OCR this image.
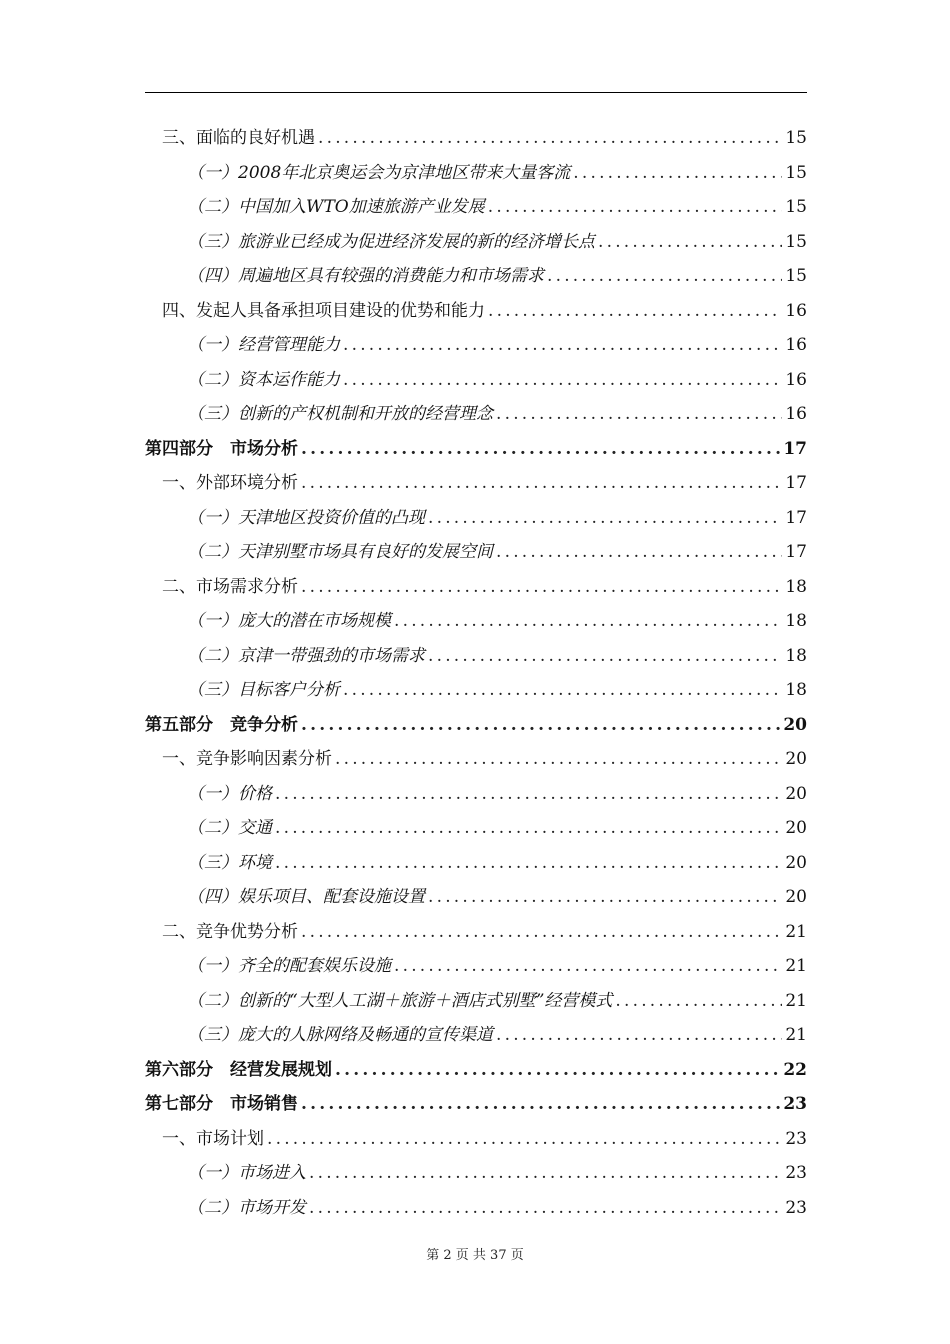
三、面临的良好机遇 .....	15
（一）2008年北京奥运会为京津地区带来大量客流 .....	15
（二）中国加入WTO加速旅游产业发展 .....	15
（三）旅游业已经成为促进经济发展的新的经济增长点 .....	15
（四）周遍地区具有较强的消费能力和市场需求 .....	15
四、发起人具备承担项目建设的优势和能力 .....	16
（一）经营管理能力 .....	16
（二）资本运作能力 .....	16
（三）创新的产权机制和开放的经营理念 .....	16
第四部分　市场分析 .....	17
一、外部环境分析 .....	17
（一）天津地区投资价值的凸现 .....	17
（二）天津别墅市场具有良好的发展空间 .....	17
二、市场需求分析 .....	18
（一）庞大的潜在市场规模 .....	18
（二）京津一带强劲的市场需求 .....	18
（三）目标客户分析 .....	18
第五部分　竞争分析 .....	20
一、竞争影响因素分析 .....	20
（一）价格 .....	20
（二）交通 .....	20
（三）环境 .....	20
（四）娱乐项目、配套设施设置 .....	20
二、竞争优势分析 .....	21
（一）齐全的配套娱乐设施 .....	21
（二）创新的“大型人工湖＋旅游＋酒店式别墅”经营模式 .....	21
（三）庞大的人脉网络及畅通的宣传渠道 .....	21
第六部分　经营发展规划 .....	22
第七部分　市场销售 .....	23
一、市场计划 .....	23
（一）市场进入 .....	23
（二）市场开发 .....	23
第 2 页 共 37 页
